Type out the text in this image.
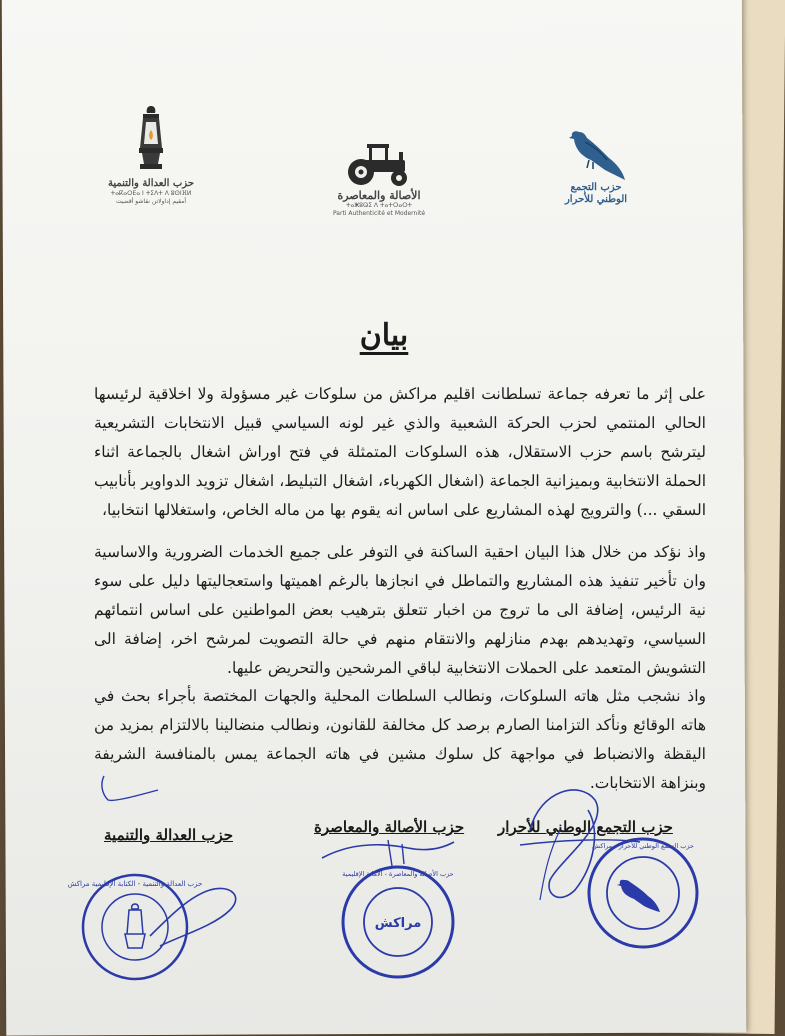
حزب العدالة والتنمية
ⵜⴰⴽⴰⵔⴹⴰ ⵏ ⵜⵉⴷⵜ ⴷ ⵓⵙⵏⴼⵍ
أمقيم إداولاتن نقاشو أقضيت	الأصالة والمعاصرة
ⵜⴰⵥⵓⵕⵉ ⴷ ⵜⴰⵜⵔⴰⵔⵜ
Parti Authenticité et Modernité
حزب التجمع
الوطني للأحرار
بيان
على إثر ما تعرفه جماعة تسلطانت اقليم مراكش من سلوكات غير مسؤولة ولا اخلاقية لرئيسها الحالي المنتمي لحزب الحركة الشعبية والذي غير لونه السياسي قبيل الانتخابات التشريعية ليترشح باسم حزب الاستقلال، هذه السلوكات المتمثلة في فتح اوراش اشغال بالجماعة اثناء الحملة الانتخابية وبميزانية الجماعة (اشغال الكهرباء، اشغال التبليط، اشغال تزويد الدواوير بأنابيب السقي ...) والترويج لهذه المشاريع على اساس انه يقوم بها من ماله الخاص، واستغلالها انتخابيا،
واذ نؤكد من خلال هذا البيان احقية الساكنة في التوفر على جميع الخدمات الضرورية والاساسية وان تأخير تنفيذ هذه المشاريع والتماطل في انجازها بالرغم اهميتها واستعجاليتها دليل على سوء نية الرئيس، إضافة الى ما تروج من اخبار تتعلق بترهيب بعض المواطنين على اساس انتمائهم السياسي، وتهديدهم بهدم منازلهم والانتقام منهم في حالة التصويت لمرشح اخر، إضافة الى التشويش المتعمد على الحملات الانتخابية لباقي المرشحين والتحريض عليها.
واذ نشجب مثل هاته السلوكات، ونطالب السلطات المحلية والجهات المختصة بأجراء بحث في هاته الوقائع ونأكد التزامنا الصارم برصد كل مخالفة للقانون، ونطالب منضالينا بالالتزام بمزيد من اليقظة والانضباط في مواجهة كل سلوك مشين في هاته الجماعة يمس بالمنافسة الشريفة وبنزاهة الانتخابات.
حزب التجمع الوطني للأحرار
حزب الأصالة والمعاصرة
حزب العدالة والتنمية
حزب العدالة والتنمية - الكتابة الإقليمية مراكش
مراكش
حزب الأصالة والمعاصرة - الأمانة الإقليمية
حزب التجمع الوطني للأحرار - مراكش
